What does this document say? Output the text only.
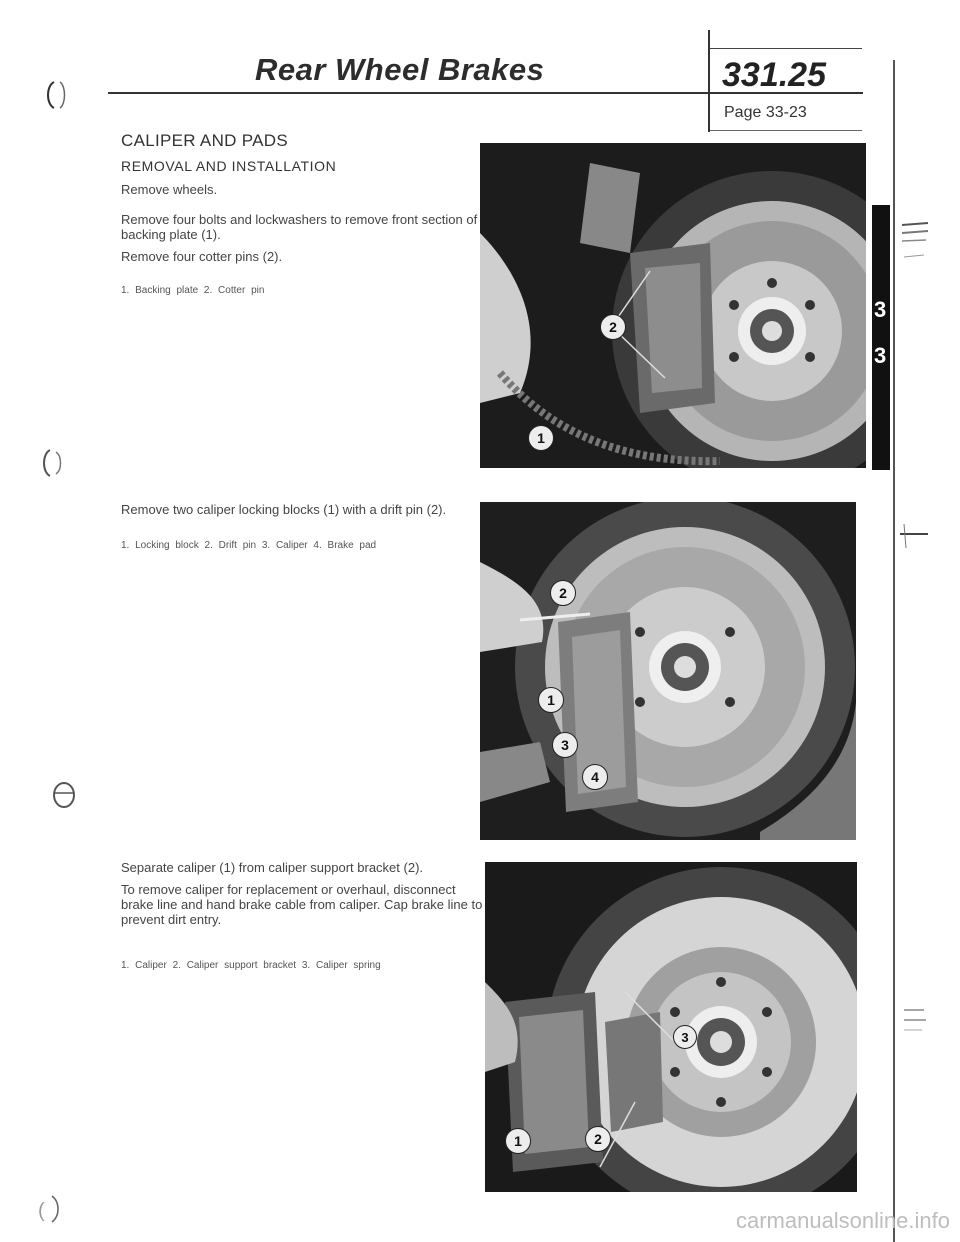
Rear Wheel Brakes	331.25
Page 33-23
CALIPER AND PADS
REMOVAL AND INSTALLATION
Remove wheels.
Remove four bolts and lockwashers to remove front section of backing plate (1).
Remove four cotter pins (2).
1. Backing plate 2. Cotter pin
Remove two caliper locking blocks (1) with a drift pin (2).
1. Locking block 2. Drift pin 3. Caliper 4. Brake pad
Separate caliper (1) from caliper support bracket (2).
To remove caliper for replacement or overhaul, disconnect brake line and hand brake cable from caliper. Cap brake line to prevent dirt entry.
1. Caliper 2. Caliper support bracket 3. Caliper spring
2
1
2
1
3
4
3
1	2
3
3
(	carmanualsonline.info
